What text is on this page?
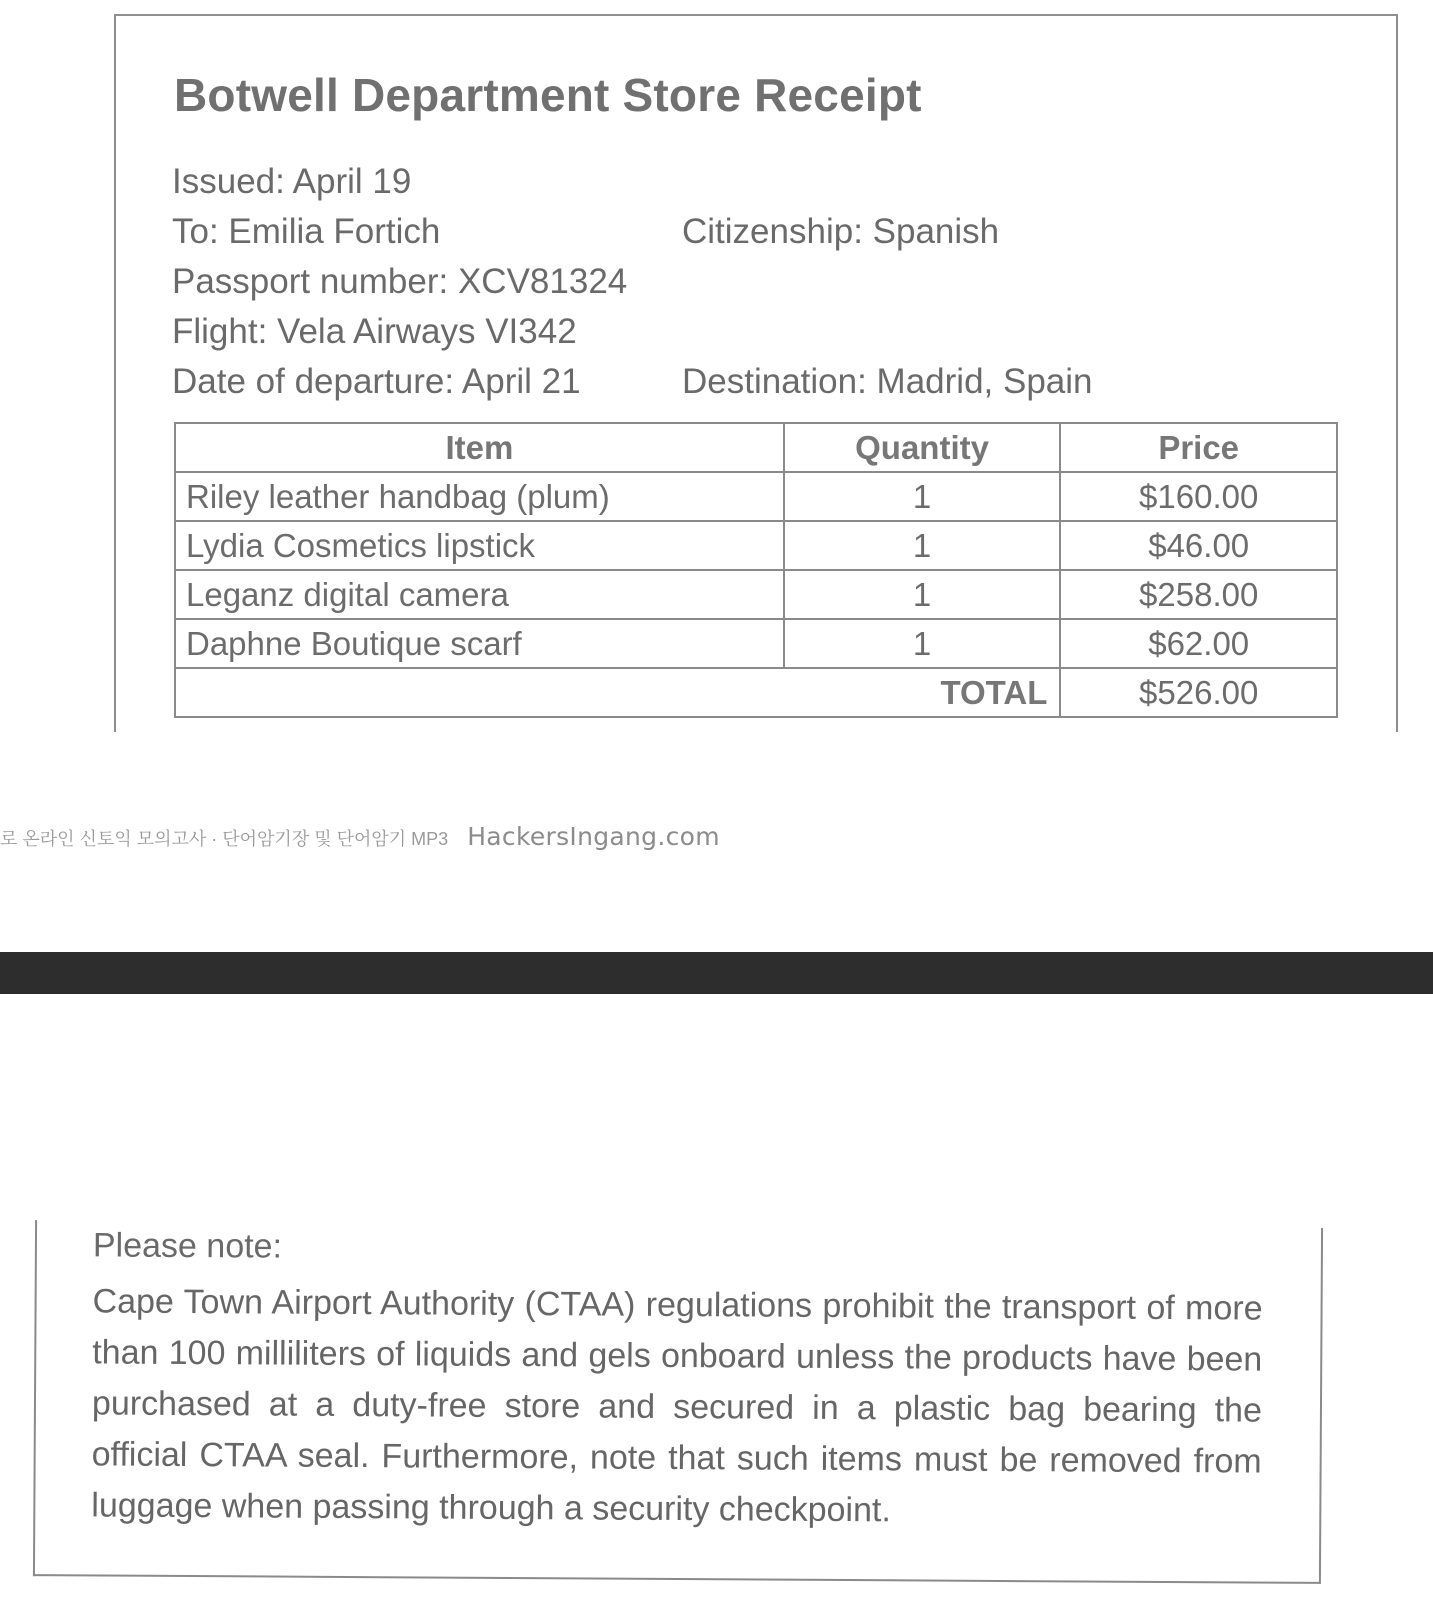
Botwell Department Store Receipt
Issued: April 19
To: Emilia Fortich	Citizenship: Spanish
Passport number: XCV81324
Flight: Vela Airways VI342
Date of departure: April 21	Destination: Madrid, Spain
Item	Quantity	Price
Riley leather handbag (plum)	1	$160.00
Lydia Cosmetics lipstick	1	$46.00
Leganz digital camera	1	$258.00
Daphne Boutique scarf	1	$62.00
	TOTAL	$526.00
로 온라인 신토익 모의고사 · 단어암기장 및 단어암기 MP3 HackersIngang.com
Please note:
Cape Town Airport Authority (CTAA) regulations prohibit the transport of more than 100 milliliters of liquids and gels onboard unless the products have been purchased at a duty-free store and secured in a plastic bag bearing the official CTAA seal. Furthermore, note that such items must be removed from luggage when passing through a security checkpoint.
